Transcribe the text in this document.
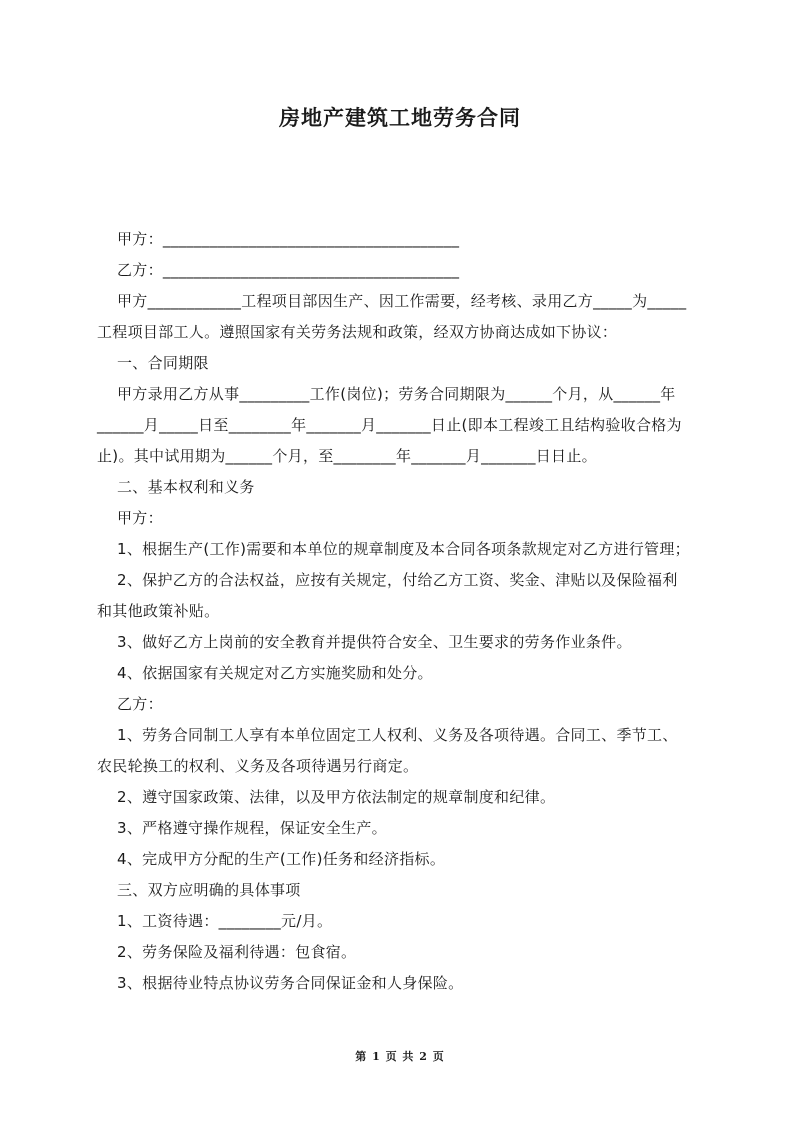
房地产建筑工地劳务合同
甲方：______________________________________
乙方：______________________________________
甲方____________工程项目部因生产、因工作需要，经考核、录用乙方_____为_____
工程项目部工人。遵照国家有关劳务法规和政策，经双方协商达成如下协议：
一、合同期限
甲方录用乙方从事_________工作(岗位)；劳务合同期限为______个月，从______年
______月_____日至________年_______月_______日止(即本工程竣工且结构验收合格为
止)。其中试用期为______个月，至________年_______月_______日日止。
二、基本权利和义务
甲方：
1、根据生产(工作)需要和本单位的规章制度及本合同各项条款规定对乙方进行管理；
2、保护乙方的合法权益，应按有关规定，付给乙方工资、奖金、津贴以及保险福利
和其他政策补贴。
3、做好乙方上岗前的安全教育并提供符合安全、卫生要求的劳务作业条件。
4、依据国家有关规定对乙方实施奖励和处分。
乙方：
1、劳务合同制工人享有本单位固定工人权利、义务及各项待遇。合同工、季节工、
农民轮换工的权利、义务及各项待遇另行商定。
2、遵守国家政策、法律，以及甲方依法制定的规章制度和纪律。
3、严格遵守操作规程，保证安全生产。
4、完成甲方分配的生产(工作)任务和经济指标。
三、双方应明确的具体事项
1、工资待遇：________元/月。
2、劳务保险及福利待遇：包食宿。
3、根据待业特点协议劳务合同保证金和人身保险。
第 1 页 共 2 页
